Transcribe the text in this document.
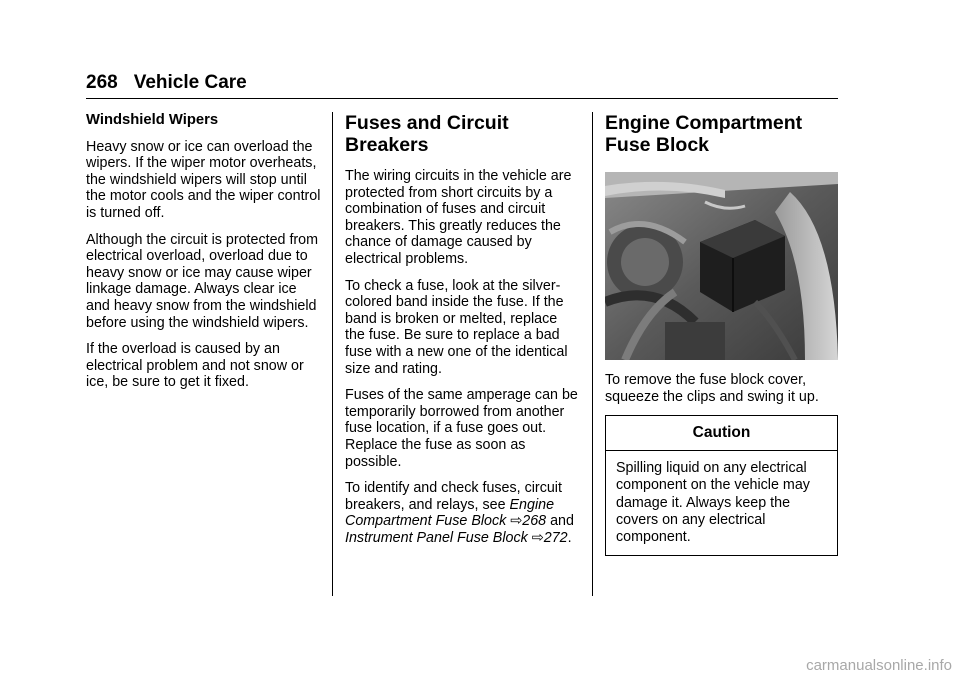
268 Vehicle Care
Windshield Wipers

Heavy snow or ice can overload the wipers. If the wiper motor overheats, the windshield wipers will stop until the motor cools and the wiper control is turned off.

Although the circuit is protected from electrical overload, overload due to heavy snow or ice may cause wiper linkage damage. Always clear ice and heavy snow from the windshield before using the windshield wipers.

If the overload is caused by an electrical problem and not snow or ice, be sure to get it fixed.

Fuses and Circuit Breakers

The wiring circuits in the vehicle are protected from short circuits by a combination of fuses and circuit breakers. This greatly reduces the chance of damage caused by electrical problems.

To check a fuse, look at the silver-colored band inside the fuse. If the band is broken or melted, replace the fuse. Be sure to replace a bad fuse with a new one of the identical size and rating.

Fuses of the same amperage can be temporarily borrowed from another fuse location, if a fuse goes out. Replace the fuse as soon as possible.

To identify and check fuses, circuit breakers, and relays, see Engine Compartment Fuse Block ⇨268 and Instrument Panel Fuse Block ⇨272.

Engine Compartment Fuse Block

To remove the fuse block cover, squeeze the clips and swing it up.

Caution
Spilling liquid on any electrical component on the vehicle may damage it. Always keep the covers on any electrical component.
carmanualsonline.info
